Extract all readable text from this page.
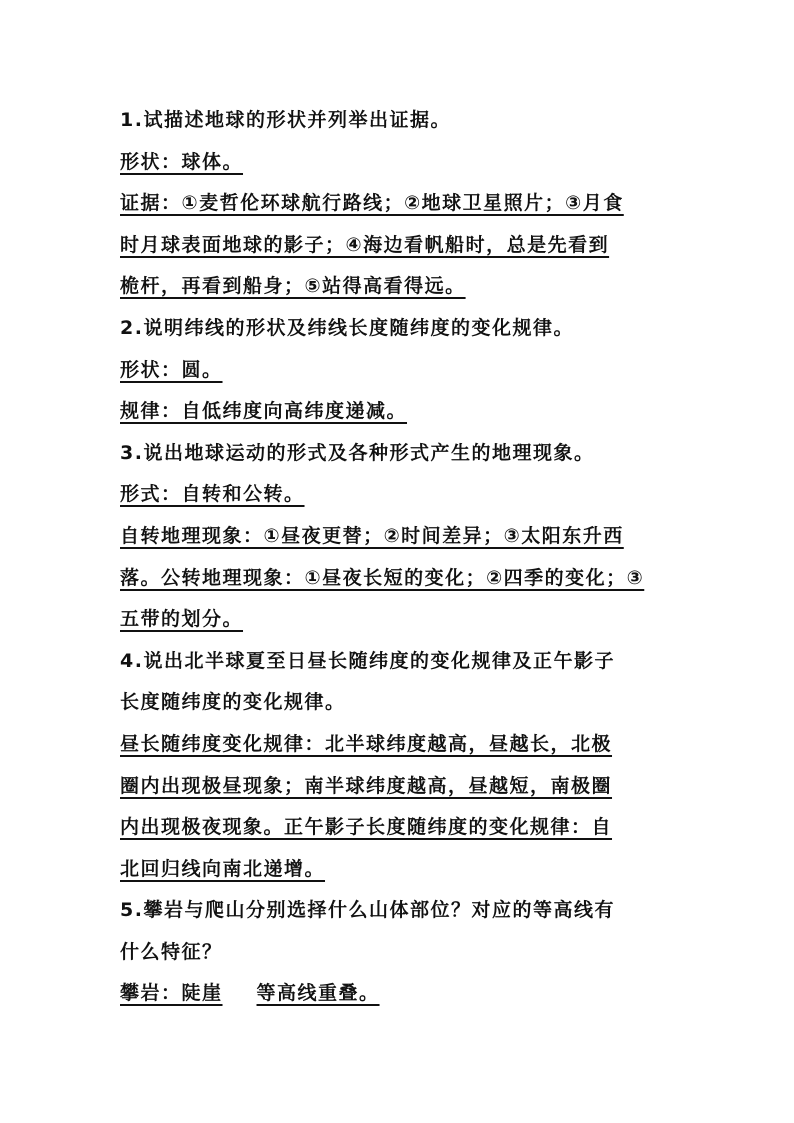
1.试描述地球的形状并列举出证据。
形状：球体。
证据：①麦哲伦环球航行路线；②地球卫星照片；③月食
时月球表面地球的影子；④海边看帆船时，总是先看到
桅杆，再看到船身；⑤站得高看得远。
2.说明纬线的形状及纬线长度随纬度的变化规律。
形状：圆。
规律：自低纬度向高纬度递减。
3.说出地球运动的形式及各种形式产生的地理现象。
形式：自转和公转。
自转地理现象：①昼夜更替；②时间差异；③太阳东升西
落。公转地理现象：①昼夜长短的变化；②四季的变化；③
五带的划分。
4.说出北半球夏至日昼长随纬度的变化规律及正午影子
长度随纬度的变化规律。
昼长随纬度变化规律：北半球纬度越高，昼越长，北极
圈内出现极昼现象；南半球纬度越高，昼越短，南极圈
内出现极夜现象。正午影子长度随纬度的变化规律：自
北回归线向南北递增。
5.攀岩与爬山分别选择什么山体部位？对应的等高线有
什么特征？
攀岩：陡崖 等高线重叠。
